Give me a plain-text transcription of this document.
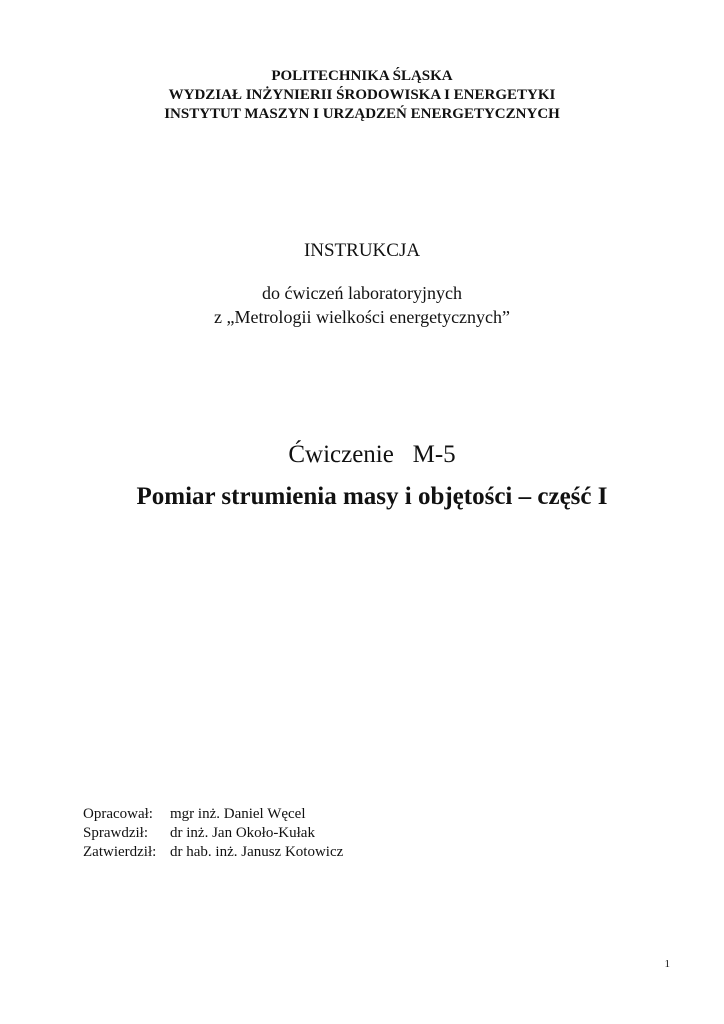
POLITECHNIKA ŚLĄSKA
WYDZIAŁ INŻYNIERII ŚRODOWISKA I ENERGETYKI
INSTYTUT MASZYN I URZĄDZEŃ ENERGETYCZNYCH
INSTRUKCJA
do ćwiczeń laboratoryjnych
z „Metrologii wielkości energetycznych”
Ćwiczenie   M-5
Pomiar strumienia masy i objętości – część I
Opracował:	mgr inż. Daniel Węcel
Sprawdził:	dr inż. Jan Około-Kułak
Zatwierdził: dr hab. inż. Janusz Kotowicz
1
